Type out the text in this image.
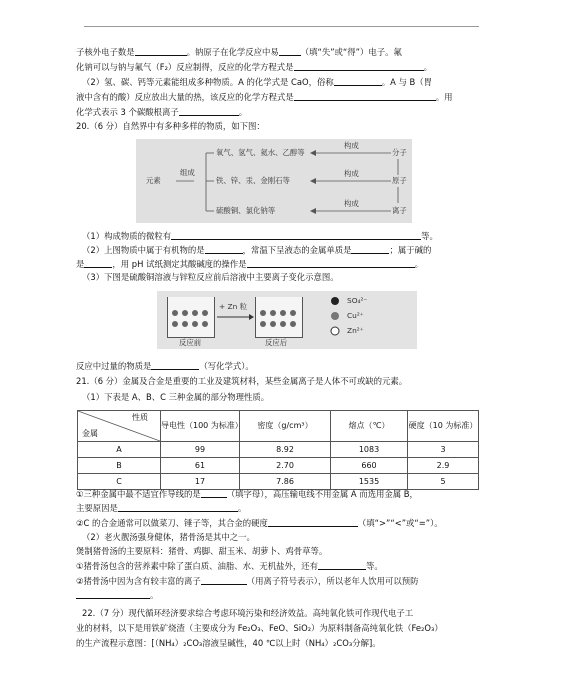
子核外电子数是	。钠原子在化学反应中易	（填“失”或“得”）电子。氟
化钠可以与钠与氟气（F₂）反应制得，反应的化学方程式是	。
（2）氢、碳、钙等元素能组成多种物质。A 的化学式是 CaO，俗称	。A 与 B（胃
液中含有的酸）反应放出大量的热，该反应的化学方程式是	。用
化学式表示 3 个碳酸根离子	。
20.（6 分）自然界中有多种多样的物质，如下图：
元素
组成
氧气、氢气、氦水、乙醇等
铁、锌、汞、金刚石等
硫酸铜、氯化钠等
构成
构成
构成
分子
原子
离子
（1）构成物质的微粒有	等。
（2）上图物质中属于有机物的是	，常温下呈液态的金属单质是	；属于碱的
是	，用 pH 试纸测定其酸碱度的操作是	。
（3）下图是硫酸铜溶液与锌粒反应前后溶液中主要离子变化示意图。
+ Zn 粒
反应前	反应后
SO₄²⁻
Cu²⁺
Zn²⁺
反应中过量的物质是	（写化学式）。
21.（6 分）金属及合金是重要的工业及建筑材料，某些金属离子是人体不可或缺的元素。
（1）下表是 A、B、C 三种金属的部分物理性质。
性质
金属	导电性（100 为标准）	密度（g/cm³）	熔点（℃）	硬度（10 为标准）

A	99	8.92	1083	3
B	61	2.70	660	2.9
C	17	7.86	1535	5
①三种金属中最不适宜作导线的是	（填字母），高压输电线不用金属 A 而选用金属 B，
主要原因是	。
②C 的合金通常可以做菜刀、锤子等，其合金的硬度	（填“>”“<”或“=”）。
（2）老火靓汤强身健体，猪骨汤是其中之一。
煲制猪骨汤的主要原料：猪骨、鸡脚、甜玉米、胡萝卜、鸡骨草等。
①猪骨汤包含的营养素中除了蛋白质、油脂、水、无机盐外，还有	等。
②猪骨汤中因为含有较丰富的离子	（用离子符号表示），所以老年人饮用可以预防
。
22.（7 分）现代循环经济要求综合考虑环境污染和经济效益。高纯氧化铁可作现代电子工
业的材料，以下是用铁矿烧渣（主要成分为 Fe₂O₃、FeO、SiO₂）为原料制备高纯氧化铁（Fe₂O₃）
的生产流程示意图：[（NH₄）₂CO₃溶液呈碱性，40 ℃以上时（NH₄）₂CO₃分解]。
